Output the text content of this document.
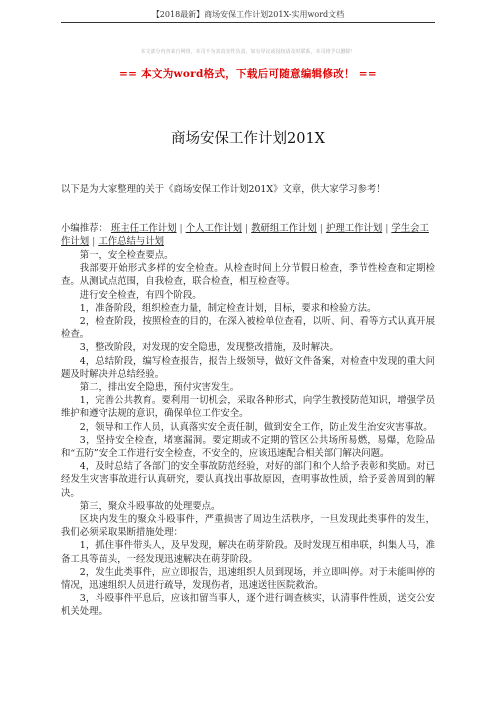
【2018最新】商场安保工作计划201X-实用word文档
本文部分内容来自网络，本司不为其真实性负责，如有异议或侵权请及时联系，本司将予以删除！
== 本文为word格式，下载后可随意编辑修改！ ==
商场安保工作计划201X
以下是为大家整理的关于《商场安保工作计划201X》文章，供大家学习参考！
小编推荐： 班主任工作计划 | 个人工作计划 | 教研组工作计划 | 护理工作计划 | 学生会工作计划 | 工作总结与计划

第一，安全检查要点。

我部要开始形式多样的安全检查。从检查时间上分节假日检查，季节性检查和定期检查。从测试点范围，自我检查，联合检查，相互检查等。

进行安全检查，有四个阶段。

1，准备阶段，组织检查力量，制定检查计划，目标，要求和检验方法。

2，检查阶段，按照检查的目的，在深入被检单位查看，以听、问、看等方式认真开展检查。

3，整改阶段，对发现的安全隐患，发现整改措施，及时解决。

4，总结阶段，编写检查报告，报告上级领导，做好文件备案，对检查中发现的重大问题及时解决并总结经验。

第二，排出安全隐患，预付灾害发生。

1，完善公共教育。要利用一切机会，采取各种形式，向学生教授防范知识，增强学员维护和遵守法规的意识，确保单位工作安全。

2，领导和工作人员，认真落实安全责任制，做到安全工作，防止发生治安灾害事故。

3，坚持安全检查，堵塞漏洞。要定期或不定期的管区公共场所易燃，易爆，危险品和“五防”安全工作进行安全检查，不安全的，应该迅速配合相关部门解决问题。

4，及时总结了各部门的安全事故防范经验，对好的部门和个人给予表彰和奖励。对已经发生灾害事故进行认真研究，要认真找出事故原因，查明事故性质，给予妥善周到的解决。

第三，聚众斗殴事故的处理要点。

区块内发生的聚众斗殴事件，严重损害了周边生活秩序，一旦发现此类事件的发生，我们必须采取果断措施处理：

1，抓住事件带头人，及早发现，解决在萌芽阶段。及时发现互相串联，纠集人马，准备工具等苗头，一经发现迅速解决在萌芽阶段。

2，发生此类事件，应立即报告，迅速组织人员到现场，并立即叫停。对于未能叫停的情况，迅速组织人员进行疏导，发现伤者，迅速送往医院救治。

3，斗殴事件平息后，应该扣留当事人，逐个进行调查核实，认清事件性质，送交公安机关处理。
